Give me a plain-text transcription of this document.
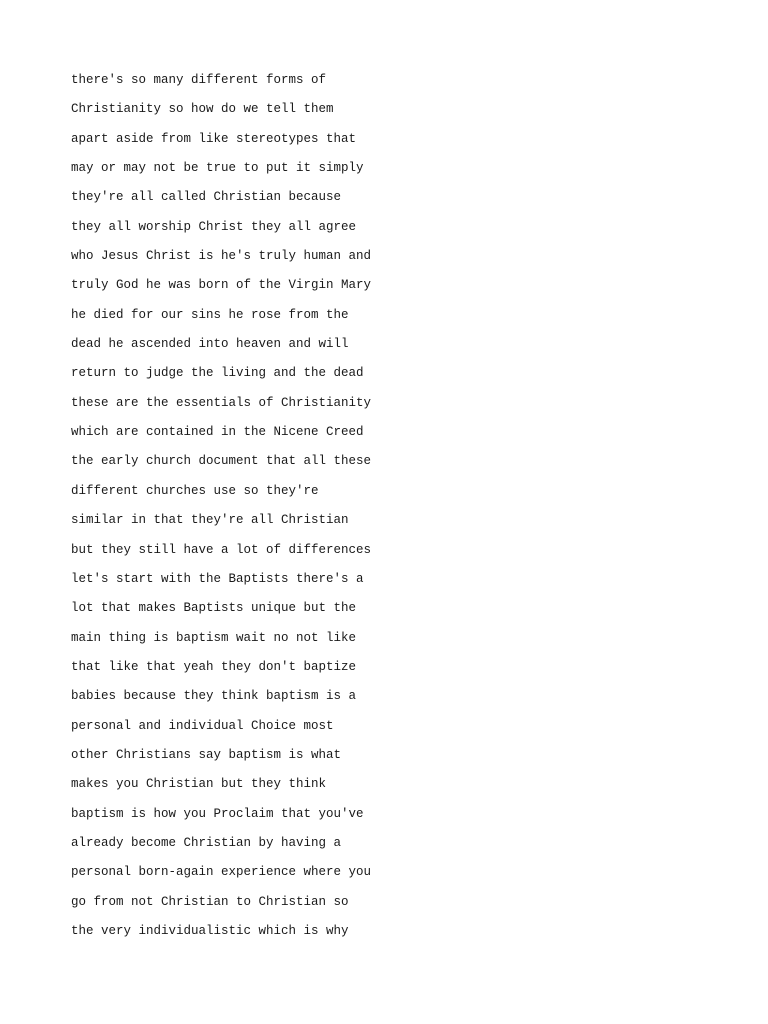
there's so many different forms of
Christianity so how do we tell them
apart aside from like stereotypes that
may or may not be true to put it simply
they're all called Christian because
they all worship Christ they all agree
who Jesus Christ is he's truly human and
truly God he was born of the Virgin Mary
he died for our sins he rose from the
dead he ascended into heaven and will
return to judge the living and the dead
these are the essentials of Christianity
which are contained in the Nicene Creed
the early church document that all these
different churches use so they're
similar in that they're all Christian
but they still have a lot of differences
let's start with the Baptists there's a
lot that makes Baptists unique but the
main thing is baptism wait no not like
that like that yeah they don't baptize
babies because they think baptism is a
personal and individual Choice most
other Christians say baptism is what
makes you Christian but they think
baptism is how you Proclaim that you've
already become Christian by having a
personal born-again experience where you
go from not Christian to Christian so
the very individualistic which is why
